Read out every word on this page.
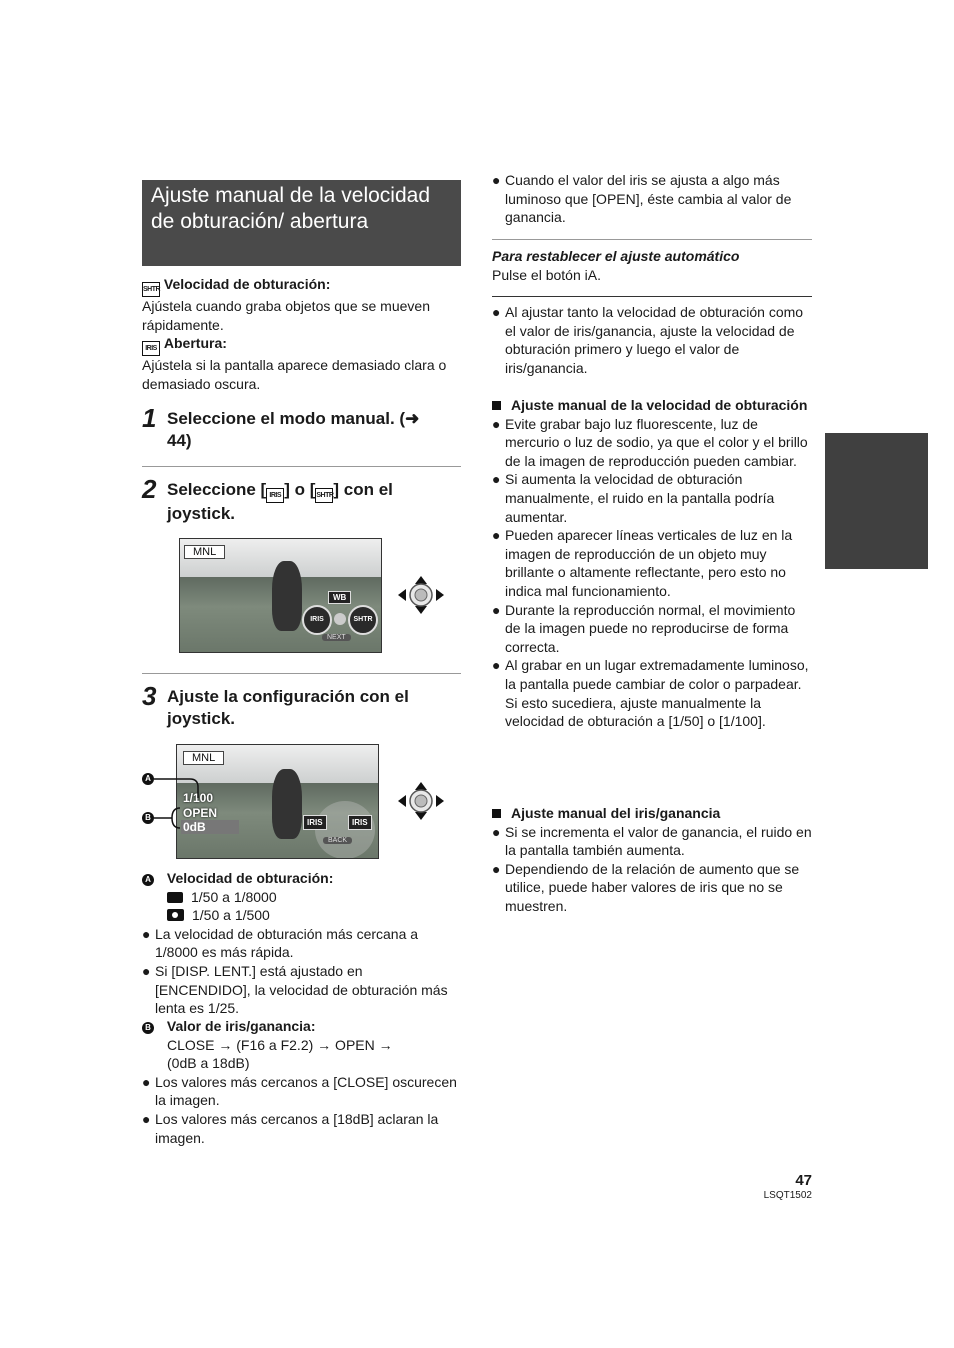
Ajuste manual de la velocidad de obturación/ abertura
SHTR Velocidad de obturación:
Ajústela cuando graba objetos que se mueven rápidamente.
IRIS Abertura:
Ajústela si la pantalla aparece demasiado clara o demasiado oscura.
1 Seleccione el modo manual. (➜ 44)
2 Seleccione [ IRIS ] o [SHTR] con el joystick.
MNL
WB
IRIS	SHTR
NEXT
3 Ajuste la configuración con el joystick.
MNL
1/100
OPEN
0dB	IRIS	IRIS
BACK
A
B
A Velocidad de obturación:
1/50 a 1/8000
1/50 a 1/500
● La velocidad de obturación más cercana a 1/8000 es más rápida.
● Si [DISP. LENT.] está ajustado en [ENCENDIDO], la velocidad de obturación más lenta es 1/25.
B Valor de iris/ganancia:
CLOSE → (F16 a F2.2) → OPEN →
(0dB a 18dB)
● Los valores más cercanos a [CLOSE] oscurecen la imagen.
● Los valores más cercanos a [18dB] aclaran la imagen.
● Cuando el valor del iris se ajusta a algo más luminoso que [OPEN], éste cambia al valor de ganancia.
Para restablecer el ajuste automático
Pulse el botón iA.
● Al ajustar tanto la velocidad de obturación como el valor de iris/ganancia, ajuste la velocidad de obturación primero y luego el valor de iris/ganancia.
Ajuste manual de la velocidad de obturación
● Evite grabar bajo luz fluorescente, luz de mercurio o luz de sodio, ya que el color y el brillo de la imagen de reproducción pueden cambiar.
● Si aumenta la velocidad de obturación manualmente, el ruido en la pantalla podría aumentar.
● Pueden aparecer líneas verticales de luz en la imagen de reproducción de un objeto muy brillante o altamente reflectante, pero esto no indica mal funcionamiento.
● Durante la reproducción normal, el movimiento de la imagen puede no reproducirse de forma correcta.
● Al grabar en un lugar extremadamente luminoso, la pantalla puede cambiar de color o parpadear. Si esto sucediera, ajuste manualmente la velocidad de obturación a [1/50] o [1/100].
Ajuste manual del iris/ganancia
● Si se incrementa el valor de ganancia, el ruido en la pantalla también aumenta.
● Dependiendo de la relación de aumento que se utilice, puede haber valores de iris que no se muestren.
47
LSQT1502
